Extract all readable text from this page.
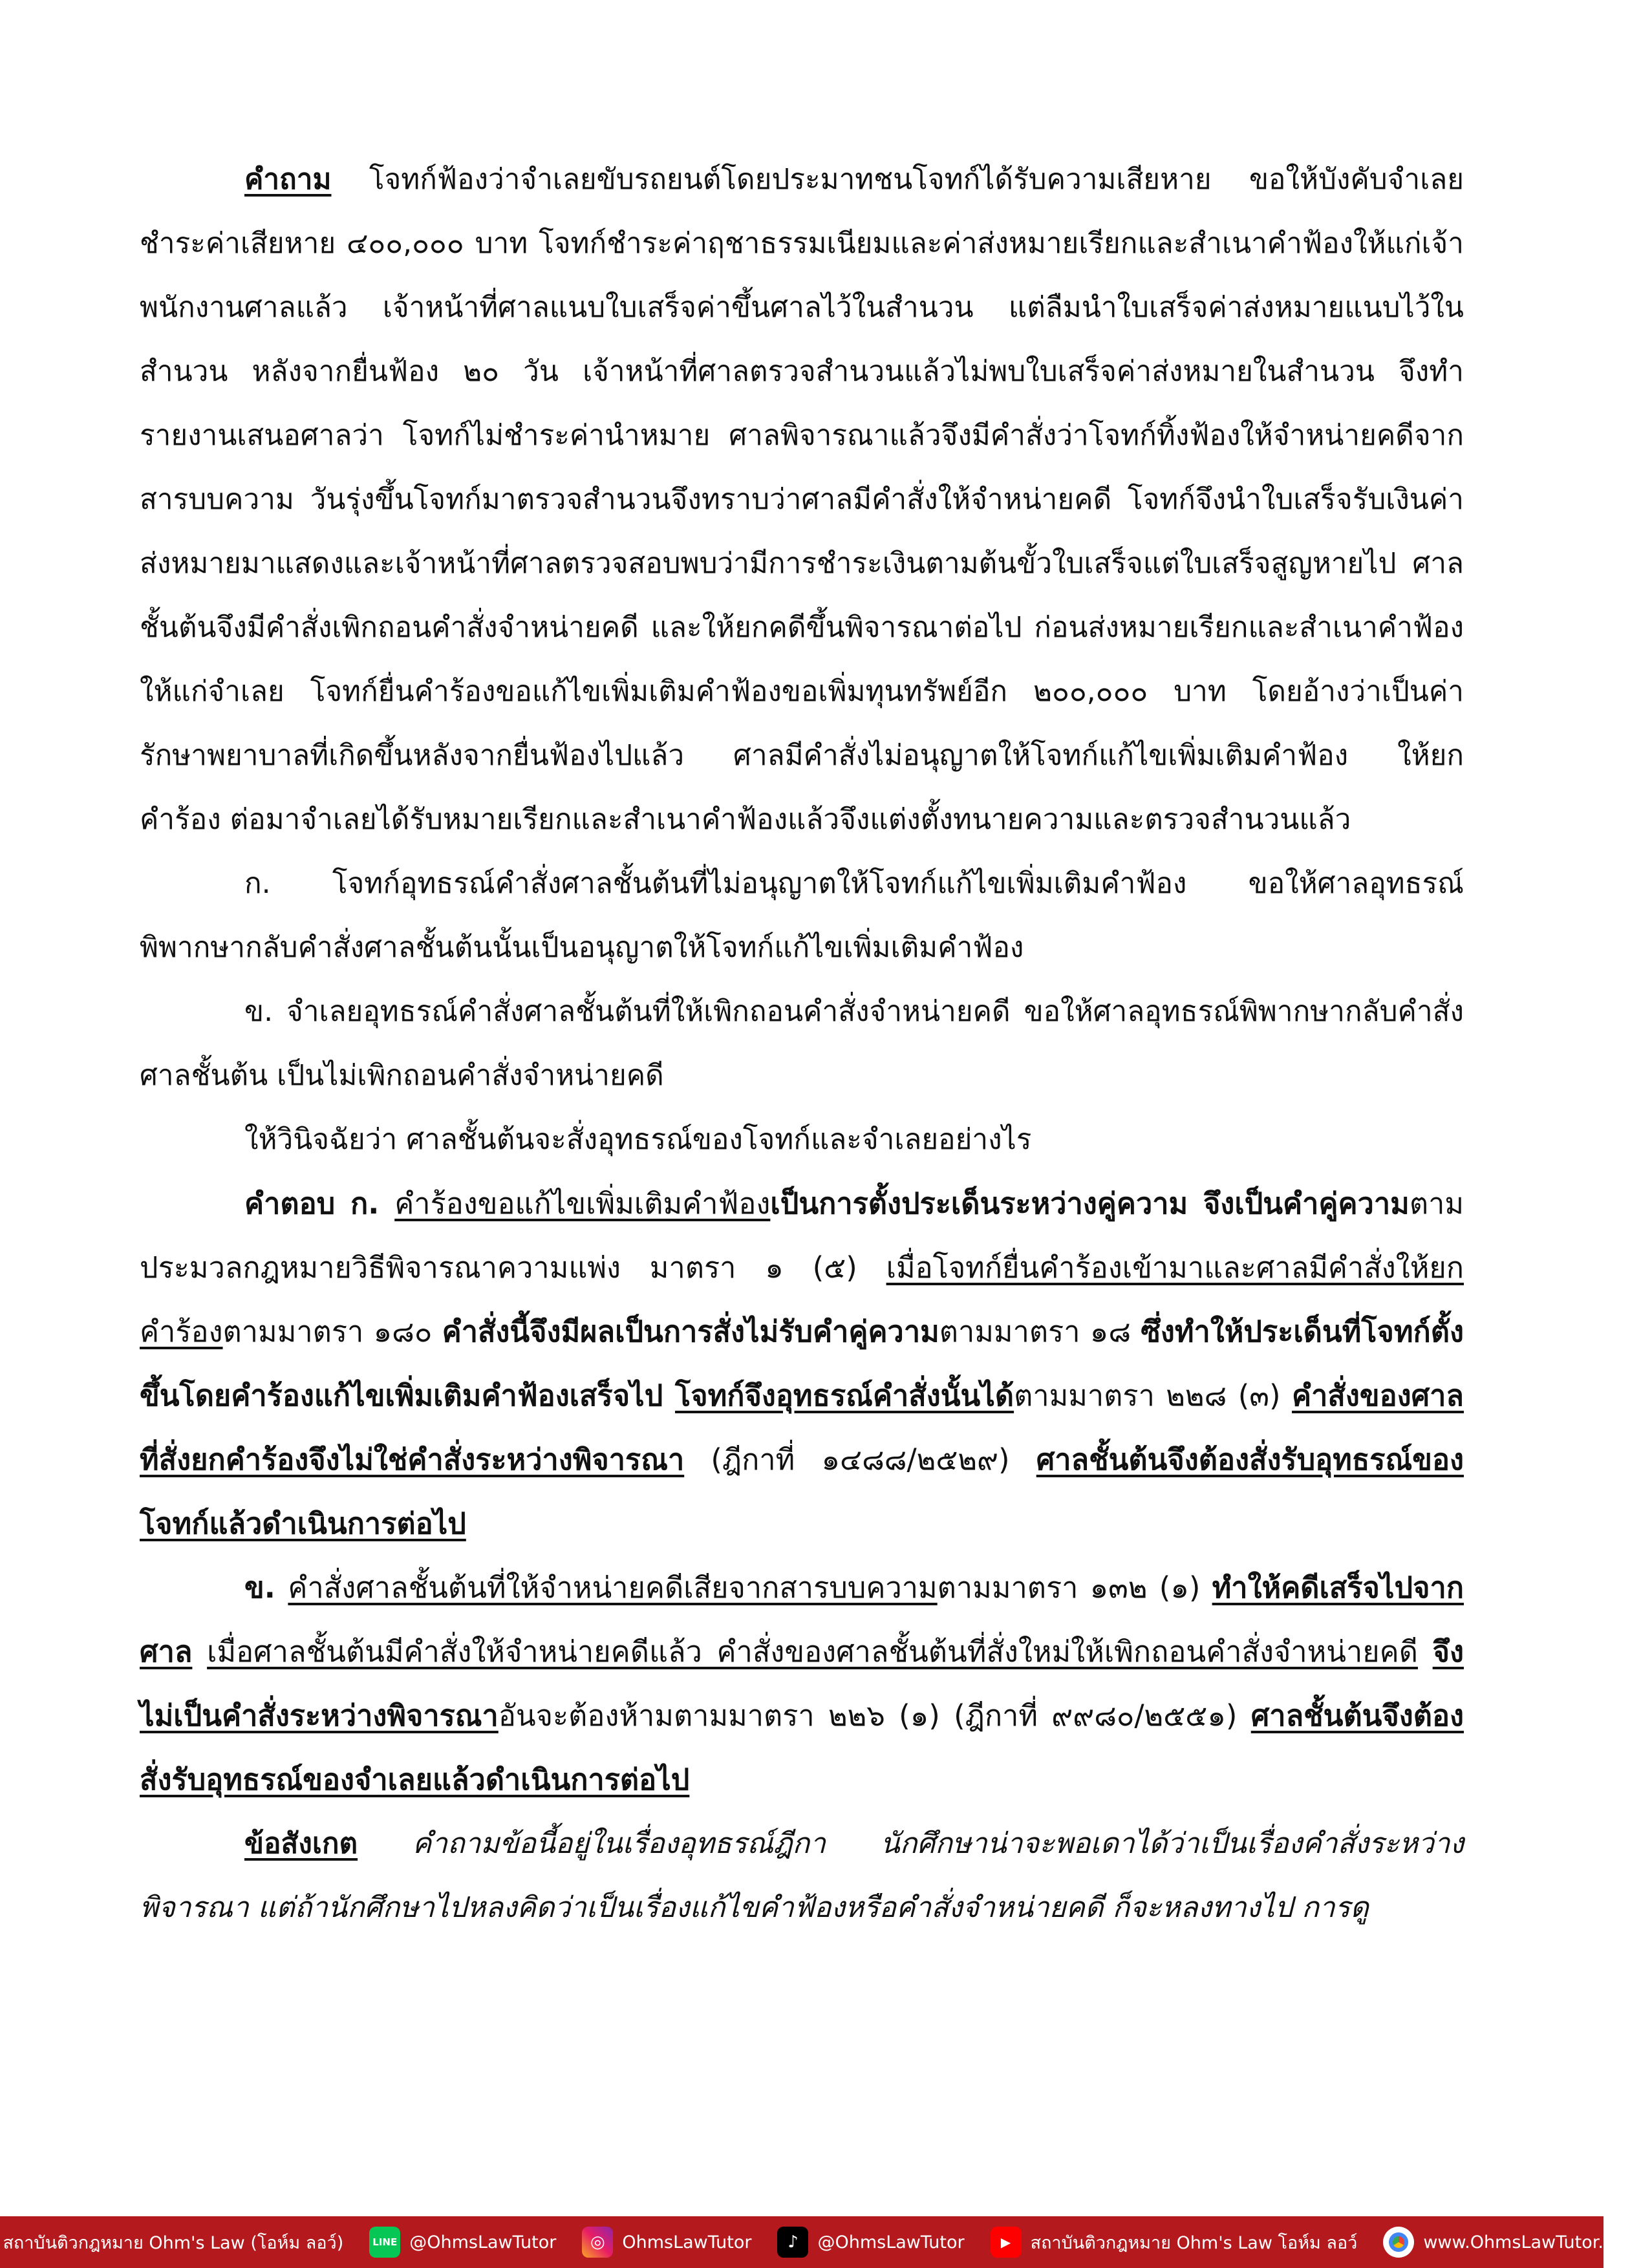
คำถาม โจทก์ฟ้องว่าจำเลยขับรถยนต์โดยประมาทชนโจทก์ได้รับความเสียหาย ขอให้บังคับจำเลยชำระค่าเสียหาย ๔๐๐,๐๐๐ บาท โจทก์ชำระค่าฤชาธรรมเนียมและค่าส่งหมายเรียกและสำเนาคำฟ้องให้แก่เจ้าพนักงานศาลแล้ว เจ้าหน้าที่ศาลแนบใบเสร็จค่าขึ้นศาลไว้ในสำนวน แต่ลืมนำใบเสร็จค่าส่งหมายแนบไว้ในสำนวน หลังจากยื่นฟ้อง ๒๐ วัน เจ้าหน้าที่ศาลตรวจสำนวนแล้วไม่พบใบเสร็จค่าส่งหมายในสำนวน จึงทำรายงานเสนอศาลว่า โจทก์ไม่ชำระค่านำหมาย ศาลพิจารณาแล้วจึงมีคำสั่งว่าโจทก์ทิ้งฟ้องให้จำหน่ายคดีจากสารบบความ วันรุ่งขึ้นโจทก์มาตรวจสำนวนจึงทราบว่าศาลมีคำสั่งให้จำหน่ายคดี โจทก์จึงนำใบเสร็จรับเงินค่าส่งหมายมาแสดงและเจ้าหน้าที่ศาลตรวจสอบพบว่ามีการชำระเงินตามต้นขั้วใบเสร็จแต่ใบเสร็จสูญหายไป ศาลชั้นต้นจึงมีคำสั่งเพิกถอนคำสั่งจำหน่ายคดี และให้ยกคดีขึ้นพิจารณาต่อไป ก่อนส่งหมายเรียกและสำเนาคำฟ้องให้แก่จำเลย โจทก์ยื่นคำร้องขอแก้ไขเพิ่มเติมคำฟ้องขอเพิ่มทุนทรัพย์อีก ๒๐๐,๐๐๐ บาท โดยอ้างว่าเป็นค่ารักษาพยาบาลที่เกิดขึ้นหลังจากยื่นฟ้องไปแล้ว ศาลมีคำสั่งไม่อนุญาตให้โจทก์แก้ไขเพิ่มเติมคำฟ้อง ให้ยกคำร้อง ต่อมาจำเลยได้รับหมายเรียกและสำเนาคำฟ้องแล้วจึงแต่งตั้งทนายความและตรวจสำนวนแล้ว

ก. โจทก์อุทธรณ์คำสั่งศาลชั้นต้นที่ไม่อนุญาตให้โจทก์แก้ไขเพิ่มเติมคำฟ้อง ขอให้ศาลอุทธรณ์พิพากษากลับคำสั่งศาลชั้นต้นนั้นเป็นอนุญาตให้โจทก์แก้ไขเพิ่มเติมคำฟ้อง

ข. จำเลยอุทธรณ์คำสั่งศาลชั้นต้นที่ให้เพิกถอนคำสั่งจำหน่ายคดี ขอให้ศาลอุทธรณ์พิพากษากลับคำสั่งศาลชั้นต้น เป็นไม่เพิกถอนคำสั่งจำหน่ายคดี

ให้วินิจฉัยว่า ศาลชั้นต้นจะสั่งอุทธรณ์ของโจทก์และจำเลยอย่างไร

คำตอบ ก. คำร้องขอแก้ไขเพิ่มเติมคำฟ้องเป็นการตั้งประเด็นระหว่างคู่ความ จึงเป็นคำคู่ความตามประมวลกฎหมายวิธีพิจารณาความแพ่ง มาตรา ๑ (๕) เมื่อโจทก์ยื่นคำร้องเข้ามาและศาลมีคำสั่งให้ยกคำร้องตามมาตรา ๑๘๐ คำสั่งนี้จึงมีผลเป็นการสั่งไม่รับคำคู่ความตามมาตรา ๑๘ ซึ่งทำให้ประเด็นที่โจทก์ตั้งขึ้นโดยคำร้องแก้ไขเพิ่มเติมคำฟ้องเสร็จไป โจทก์จึงอุทธรณ์คำสั่งนั้นได้ตามมาตรา ๒๒๘ (๓) คำสั่งของศาลที่สั่งยกคำร้องจึงไม่ใช่คำสั่งระหว่างพิจารณา (ฎีกาที่ ๑๔๘๘/๒๕๒๙) ศาลชั้นต้นจึงต้องสั่งรับอุทธรณ์ของโจทก์แล้วดำเนินการต่อไป

ข. คำสั่งศาลชั้นต้นที่ให้จำหน่ายคดีเสียจากสารบบความตามมาตรา ๑๓๒ (๑) ทำให้คดีเสร็จไปจากศาล เมื่อศาลชั้นต้นมีคำสั่งให้จำหน่ายคดีแล้ว คำสั่งของศาลชั้นต้นที่สั่งใหม่ให้เพิกถอนคำสั่งจำหน่ายคดี จึงไม่เป็นคำสั่งระหว่างพิจารณาอันจะต้องห้ามตามมาตรา ๒๒๖ (๑) (ฎีกาที่ ๙๙๘๐/๒๕๕๑) ศาลชั้นต้นจึงต้องสั่งรับอุทธรณ์ของจำเลยแล้วดำเนินการต่อไป

ข้อสังเกต คำถามข้อนี้อยู่ในเรื่องอุทธรณ์ฎีกา นักศึกษาน่าจะพอเดาได้ว่าเป็นเรื่องคำสั่งระหว่างพิจารณา แต่ถ้านักศึกษาไปหลงคิดว่าเป็นเรื่องแก้ไขคำฟ้องหรือคำสั่งจำหน่ายคดี ก็จะหลงทางไป การดู

สถาบันติวกฎหมาย Ohm's Law (โอห์ม ลอว์)	LINE @OhmsLawTutor	◎ OhmsLawTutor	♪	@OhmsLawTutor	▶	สถาบันติวกฎหมาย Ohm's Law โอห์ม ลอว์	www.OhmsLawTutor.com
